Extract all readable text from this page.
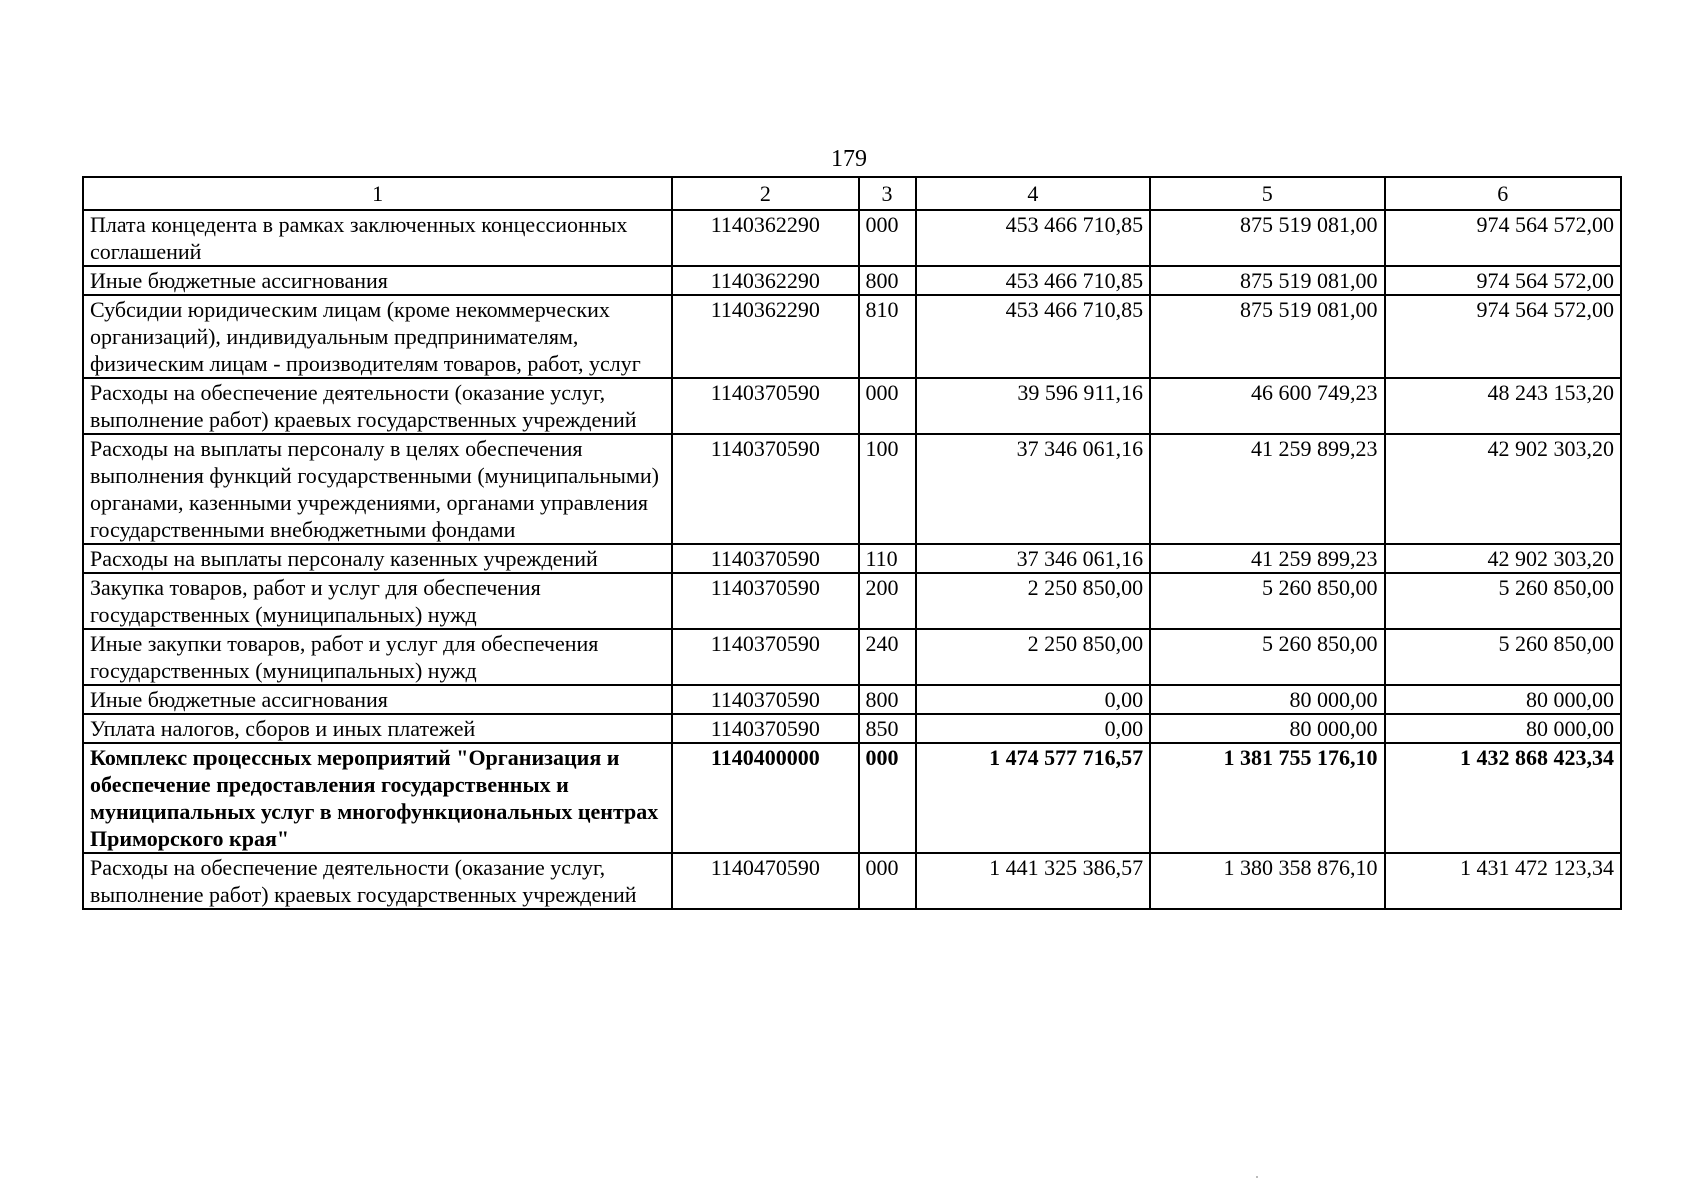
179
1	2	3	4	5	6
Плата концедента в рамках заключенных концессионных соглашений	1140362290	000	453 466 710,85	875 519 081,00	974 564 572,00
Иные бюджетные ассигнования	1140362290	800	453 466 710,85	875 519 081,00	974 564 572,00
Субсидии юридическим лицам (кроме некоммерческих организаций), индивидуальным предпринимателям, физическим лицам - производителям товаров, работ, услуг	1140362290	810	453 466 710,85	875 519 081,00	974 564 572,00
Расходы на обеспечение деятельности (оказание услуг, выполнение работ) краевых государственных учреждений	1140370590	000	39 596 911,16	46 600 749,23	48 243 153,20
Расходы на выплаты персоналу в целях обеспечения выполнения функций государственными (муниципальными) органами, казенными учреждениями, органами управления государственными внебюджетными фондами	1140370590	100	37 346 061,16	41 259 899,23	42 902 303,20
Расходы на выплаты персоналу казенных учреждений	1140370590	110	37 346 061,16	41 259 899,23	42 902 303,20
Закупка товаров, работ и услуг для обеспечения государственных (муниципальных) нужд	1140370590	200	2 250 850,00	5 260 850,00	5 260 850,00
Иные закупки товаров, работ и услуг для обеспечения государственных (муниципальных) нужд	1140370590	240	2 250 850,00	5 260 850,00	5 260 850,00
Иные бюджетные ассигнования	1140370590	800	0,00	80 000,00	80 000,00
Уплата налогов, сборов и иных платежей	1140370590	850	0,00	80 000,00	80 000,00
Комплекс процессных мероприятий "Организация и обеспечение предоставления государственных и муниципальных услуг в многофункциональных центрах Приморского края"	1140400000	000	1 474 577 716,57	1 381 755 176,10	1 432 868 423,34
Расходы на обеспечение деятельности (оказание услуг, выполнение работ) краевых государственных учреждений	1140470590	000	1 441 325 386,57	1 380 358 876,10	1 431 472 123,34
